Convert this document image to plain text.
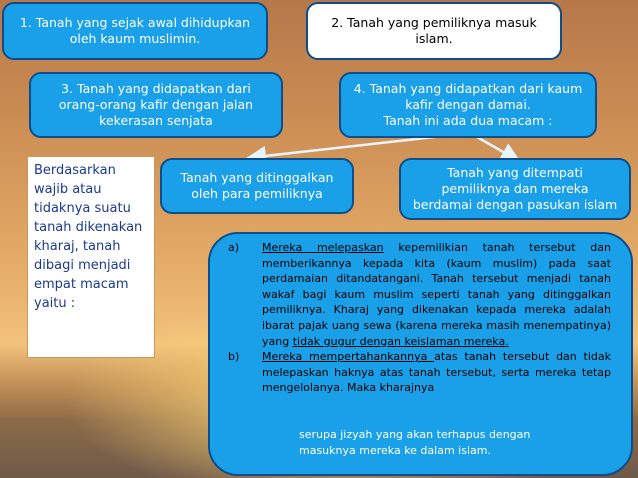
1. Tanah yang sejak awal dihidupkan
oleh kaum muslimin.
2. Tanah yang pemiliknya masuk
islam.
3. Tanah yang didapatkan dari
orang-orang kafir dengan jalan
kekerasan senjata
4. Tanah yang didapatkan dari kaum
kafir dengan damai.
Tanah ini ada dua macam :
Berdasarkan
wajib atau
tidaknya suatu
tanah dikenakan
kharaj, tanah
dibagi menjadi
empat macam
yaitu :
Tanah yang ditinggalkan
oleh para pemiliknya
Tanah yang ditempati
pemiliknya dan mereka
berdamai dengan pasukan islam
a)	Mereka melepaskan kepemilikian tanah tersebut dan memberikannya kepada kita (kaum muslim) pada saat perdamaian ditandatangani. Tanah tersebut menjadi tanah wakaf bagi kaum muslim seperti tanah yang ditinggalkan pemiliknya. Kharaj yang dikenakan kepada mereka adalah ibarat pajak uang sewa (karena mereka masih menempatinya) yang tidak gugur dengan keislaman mereka.
b)	Mereka mempertahankannya atas tanah tersebut dan tidak melepaskan haknya atas tanah tersebut, serta mereka tetap mengelolanya. Maka kharajnya
serupa jizyah yang akan terhapus dengan
masuknya mereka ke dalam islam.
